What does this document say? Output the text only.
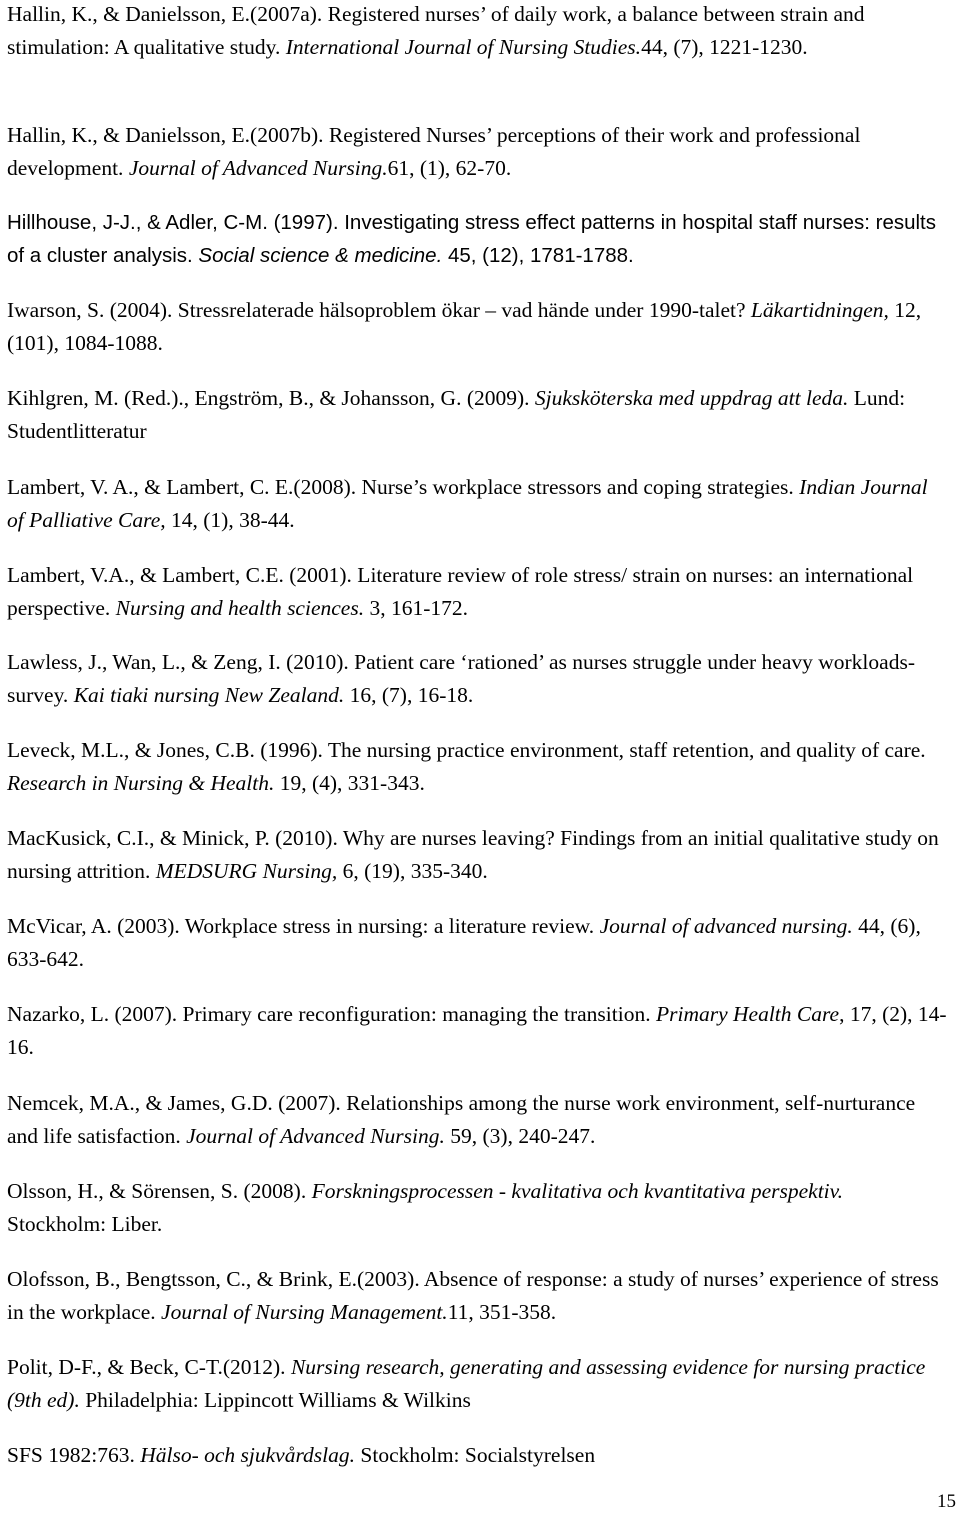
Hallin, K., & Danielsson, E.(2007a). Registered nurses’ of daily work, a balance between strain and stimulation: A qualitative study. International Journal of Nursing Studies.44, (7), 1221-1230.

Hallin, K., & Danielsson, E.(2007b). Registered Nurses’ perceptions of their work and professional development. Journal of Advanced Nursing.61, (1), 62-70.

Hillhouse, J-J., & Adler, C-M. (1997). Investigating stress effect patterns in hospital staff nurses: results of a cluster analysis. Social science & medicine. 45, (12), 1781-1788.

Iwarson, S. (2004). Stressrelaterade hälsoproblem ökar – vad hände under 1990-talet? Läkartidningen, 12, (101), 1084-1088.

Kihlgren, M. (Red.)., Engström, B., & Johansson, G. (2009). Sjuksköterska med uppdrag att leda. Lund: Studentlitteratur

Lambert, V. A., & Lambert, C. E.(2008). Nurse’s workplace stressors and coping strategies. Indian Journal of Palliative Care, 14, (1), 38-44.

Lambert, V.A., & Lambert, C.E. (2001). Literature review of role stress/ strain on nurses: an international perspective. Nursing and health sciences. 3, 161-172.

Lawless, J., Wan, L., & Zeng, I. (2010). Patient care ‘rationed’ as nurses struggle under heavy workloads- survey. Kai tiaki nursing New Zealand. 16, (7), 16-18.

Leveck, M.L., & Jones, C.B. (1996). The nursing practice environment, staff retention, and quality of care. Research in Nursing & Health. 19, (4), 331-343.

MacKusick, C.I., & Minick, P. (2010). Why are nurses leaving? Findings from an initial qualitative study on nursing attrition. MEDSURG Nursing, 6, (19), 335-340.

McVicar, A. (2003). Workplace stress in nursing: a literature review. Journal of advanced nursing. 44, (6), 633-642.

Nazarko, L. (2007). Primary care reconfiguration: managing the transition. Primary Health Care, 17, (2), 14-16.

Nemcek, M.A., & James, G.D. (2007). Relationships among the nurse work environment, self-nurturance and life satisfaction. Journal of Advanced Nursing. 59, (3), 240-247.

Olsson, H., & Sörensen, S. (2008). Forskningsprocessen - kvalitativa och kvantitativa perspektiv. Stockholm: Liber.

Olofsson, B., Bengtsson, C., & Brink, E.(2003). Absence of response: a study of nurses’ experience of stress in the workplace. Journal of Nursing Management.11, 351-358.

Polit, D-F., & Beck, C-T.(2012). Nursing research, generating and assessing evidence for nursing practice (9th ed). Philadelphia: Lippincott Williams & Wilkins

SFS 1982:763. Hälso- och sjukvårdslag. Stockholm: Socialstyrelsen

15
